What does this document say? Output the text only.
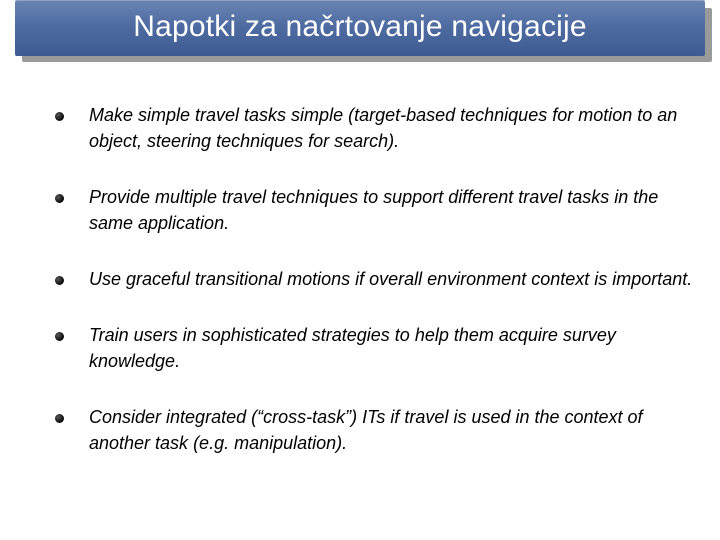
Napotki za načrtovanje navigacije
Make simple travel tasks simple (target-based techniques for motion to an object, steering techniques for search).
Provide multiple travel techniques to support different travel tasks in the same application.
Use graceful transitional motions if overall environment context is important.
Train users in sophisticated strategies to help them acquire survey knowledge.
Consider integrated (“cross-task”) ITs if travel is used in the context of another task (e.g. manipulation).
